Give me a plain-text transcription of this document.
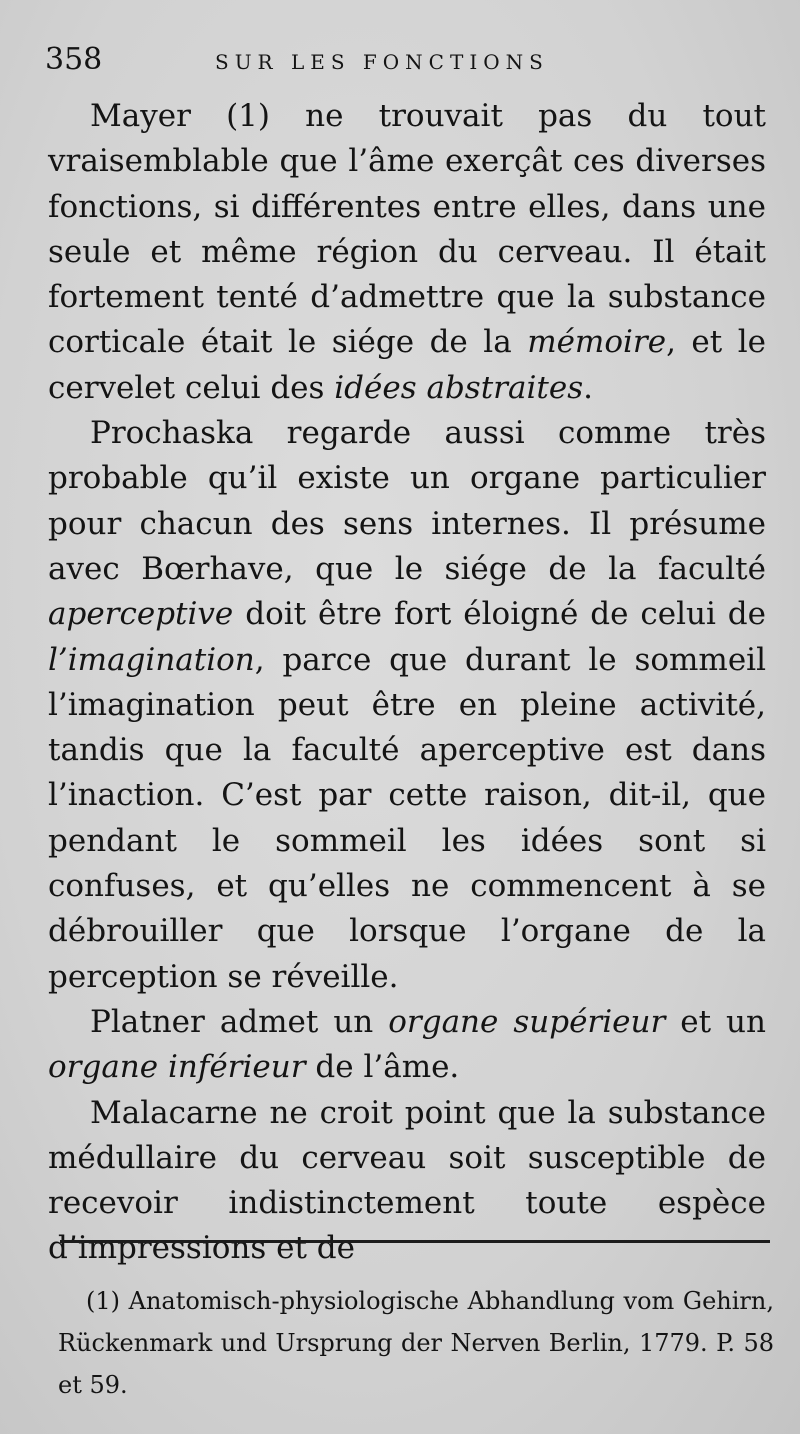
358	SUR LES FONCTIONS

Mayer (1) ne trouvait pas du tout vraisemblable que l’âme exerçât ces diverses fonctions, si différentes entre elles, dans une seule et même région du cerveau. Il était fortement tenté d’admettre que la substance corticale était le siége de la mémoire, et le cervelet celui des idées abstraites.

Prochaska regarde aussi comme très probable qu’il existe un organe particulier pour chacun des sens internes. Il présume avec Bœrhave, que le siége de la faculté aperceptive doit être fort éloigné de celui de l’imagination, parce que durant le sommeil l’imagination peut être en pleine activité, tandis que la faculté aperceptive est dans l’inaction. C’est par cette raison, dit-il, que pendant le sommeil les idées sont si confuses, et qu’elles ne commencent à se débrouiller que lorsque l’organe de la perception se réveille.

Platner admet un organe supérieur et un organe inférieur de l’âme.

Malacarne ne croit point que la substance médullaire du cerveau soit susceptible de recevoir indistinctement toute espèce d’impressions et de

(1) Anatomisch-physiologische Abhandlung vom Gehirn, Rückenmark und Ursprung der Nerven Berlin, 1779. P. 58 et 59.
